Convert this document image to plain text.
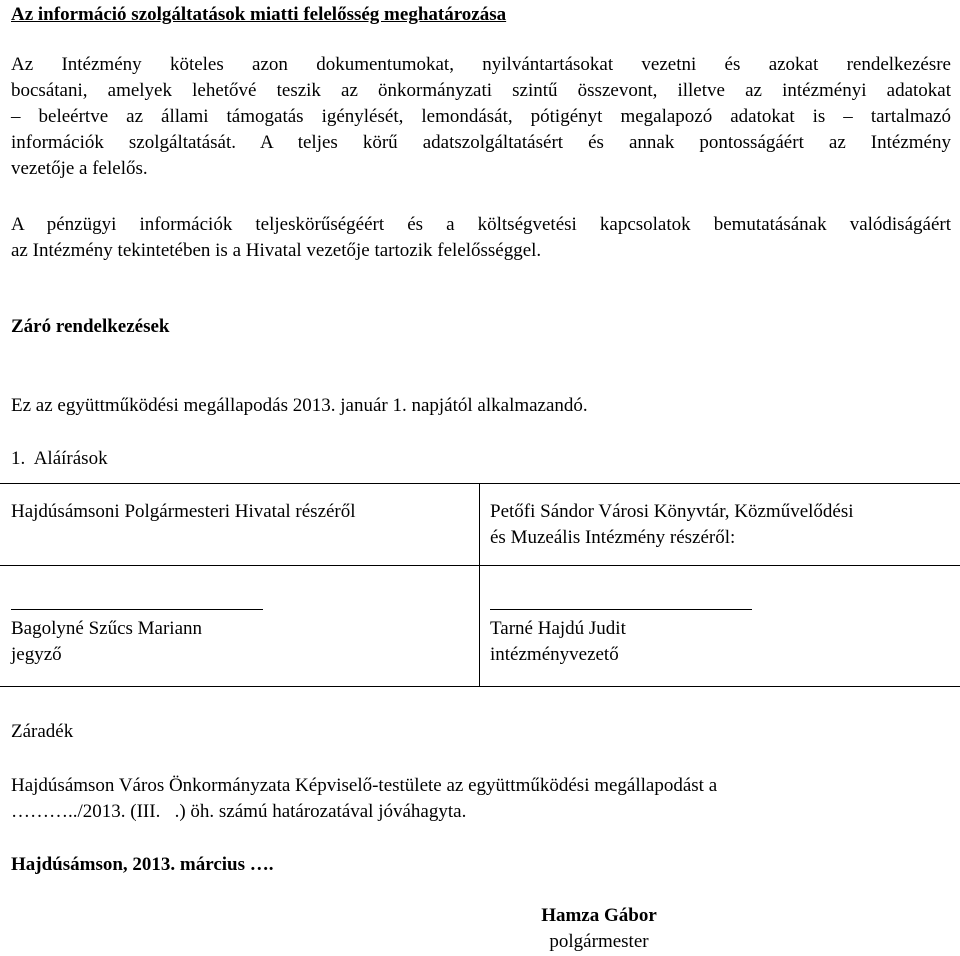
Az információ szolgáltatások miatti felelősség meghatározása
Az Intézmény köteles azon dokumentumokat, nyilvántartásokat vezetni és azokat rendelkezésre
bocsátani, amelyek lehetővé teszik az önkormányzati szintű összevont, illetve az intézményi adatokat
– beleértve az állami támogatás igénylését, lemondását, pótigényt megalapozó adatokat is – tartalmazó
információk szolgáltatását. A teljes körű adatszolgáltatásért és annak pontosságáért az Intézmény
vezetője a felelős.
A pénzügyi információk teljeskörűségéért és a költségvetési kapcsolatok bemutatásának valódiságáért
az Intézmény tekintetében is a Hivatal vezetője tartozik felelősséggel.
Záró rendelkezések
Ez az együttműködési megállapodás 2013. január 1. napjától alkalmazandó.
1.  Aláírások
Hajdúsámsoni Polgármesteri Hivatal részéről	Petőfi Sándor Városi Könyvtár, Közművelődési
és Muzeális Intézmény részéről:
Bagolyné Szűcs Mariann
jegyző
Tarné Hajdú Judit
intézményvezető
Záradék
Hajdúsámson Város Önkormányzata Képviselő-testülete az együttműködési megállapodást a
………../2013. (III.   .) öh. számú határozatával jóváhagyta.
Hajdúsámson, 2013. március ….
Hamza Gábor
polgármester
